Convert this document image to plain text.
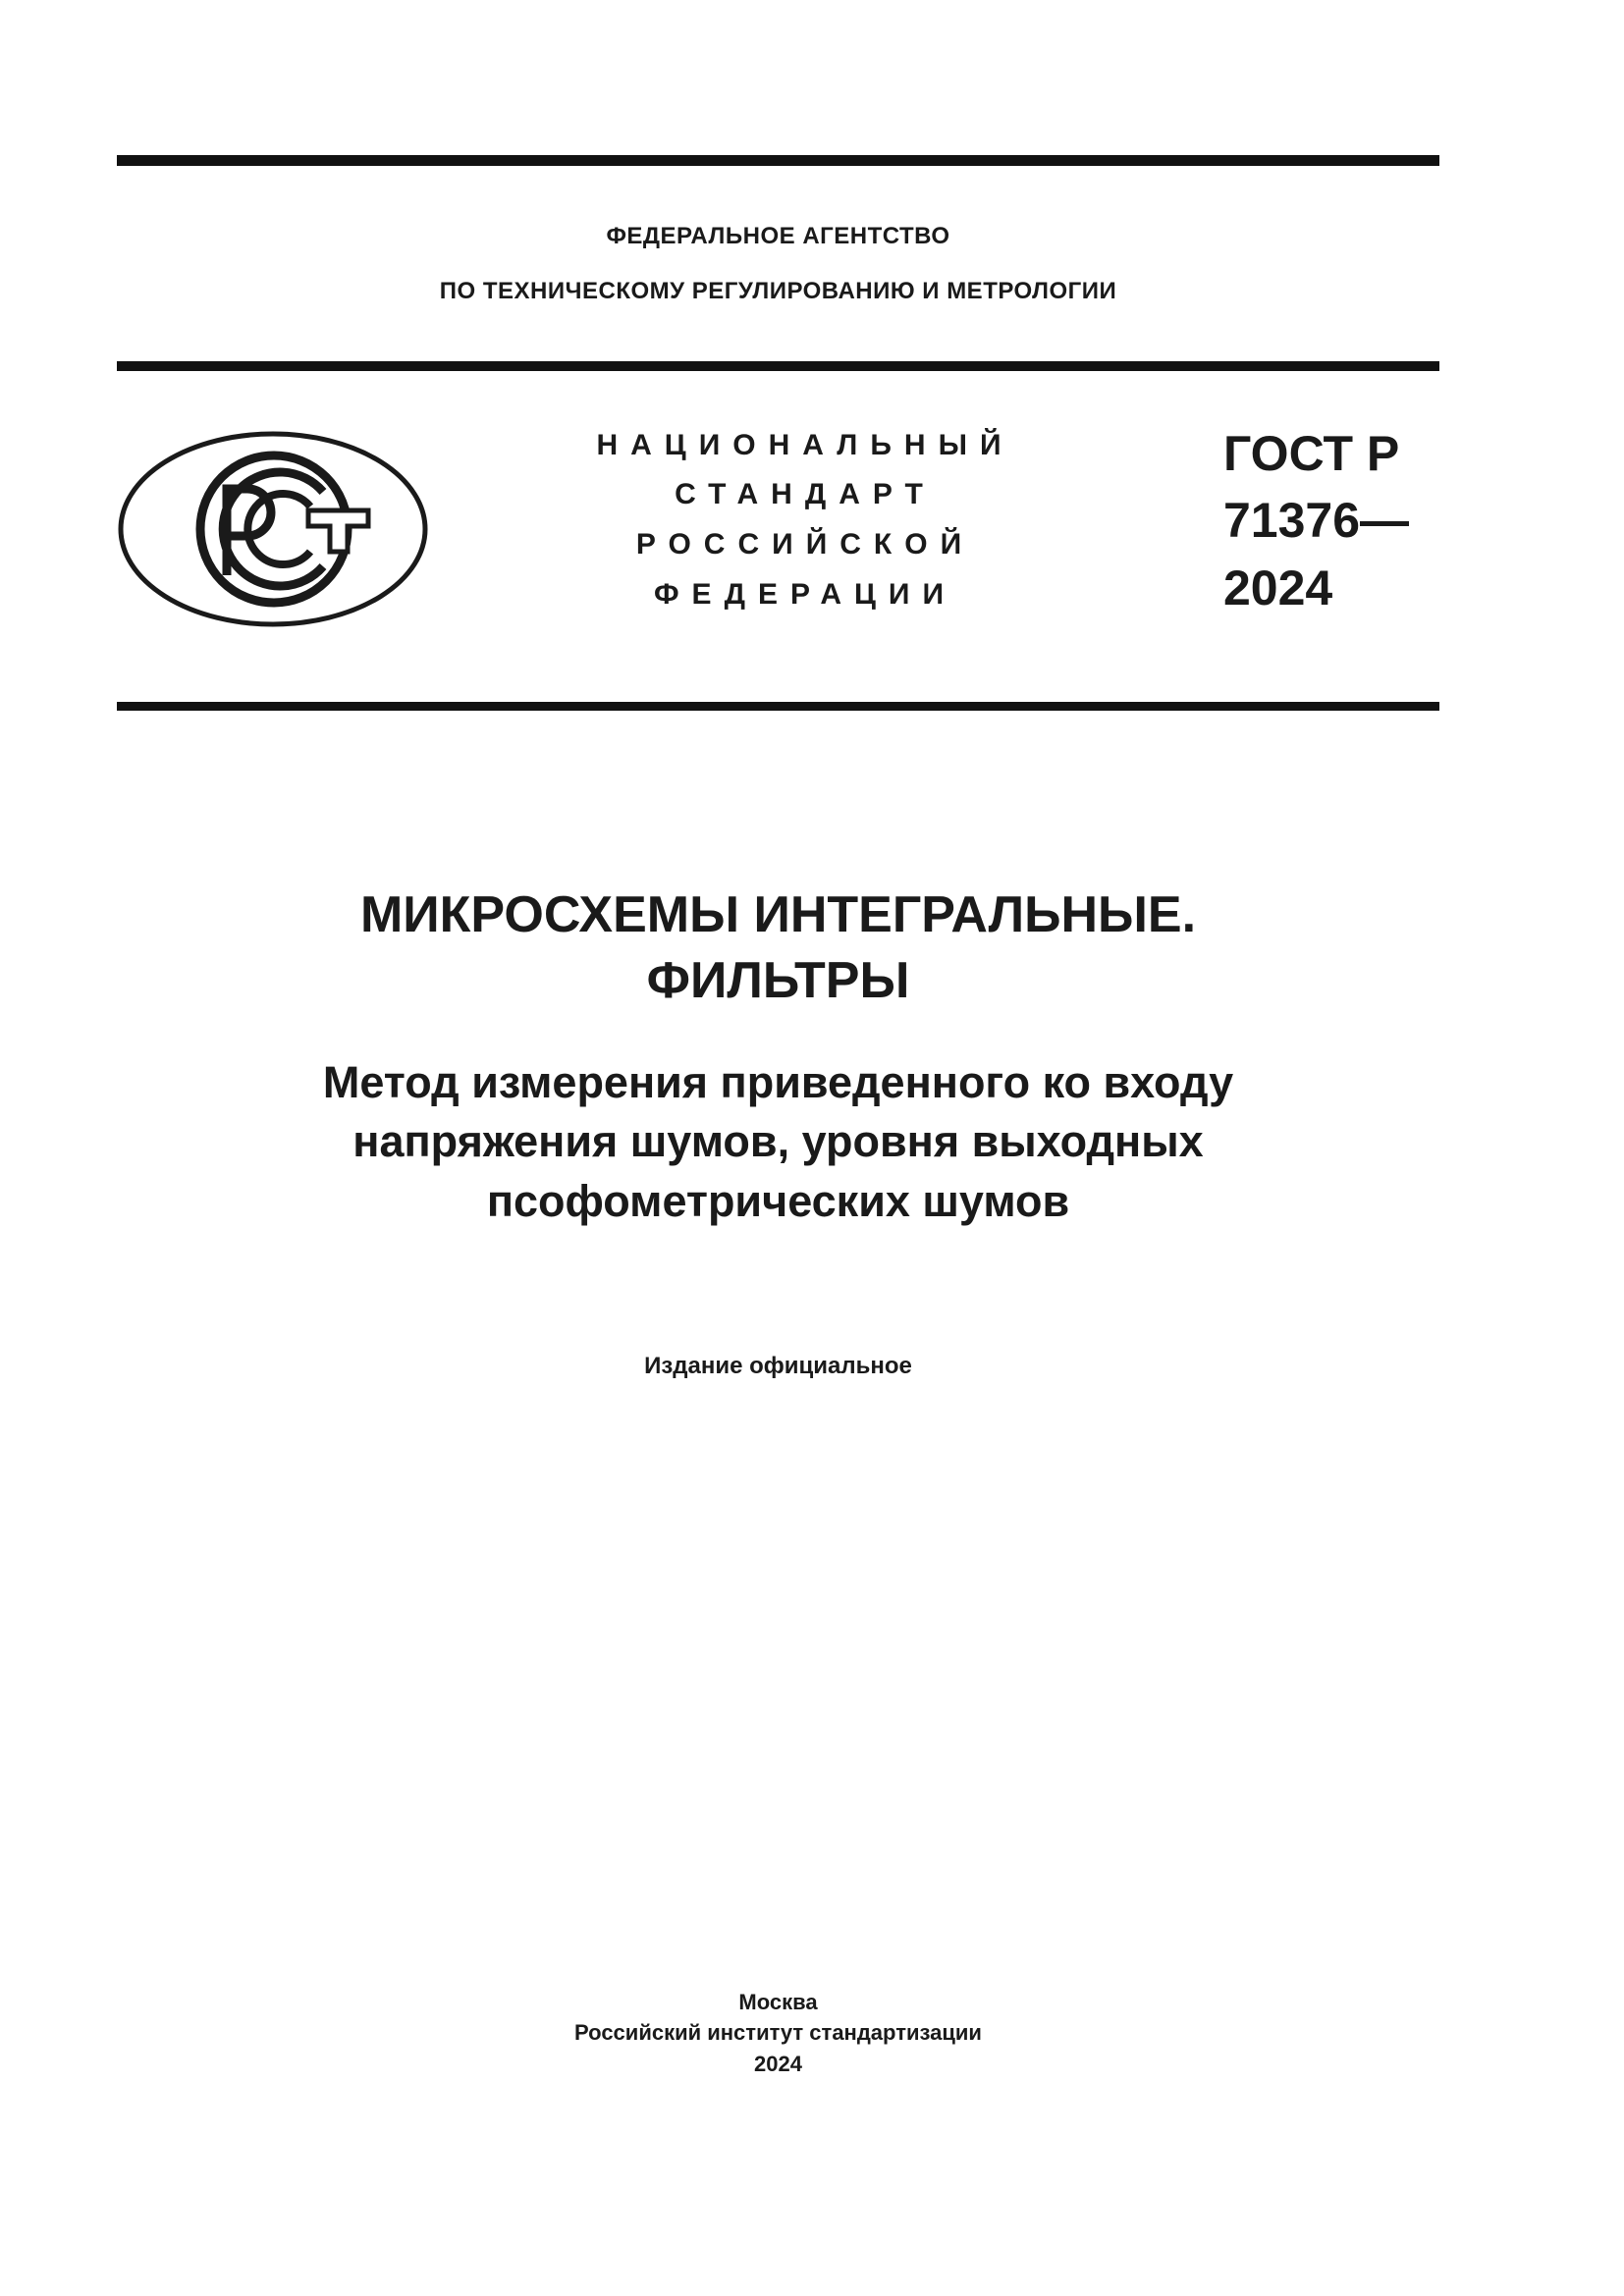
ФЕДЕРАЛЬНОЕ АГЕНТСТВО
ПО ТЕХНИЧЕСКОМУ РЕГУЛИРОВАНИЮ И МЕТРОЛОГИИ
НАЦИОНАЛЬНЫЙ
СТАНДАРТ
РОССИЙСКОЙ
ФЕДЕРАЦИИ
ГОСТ Р
71376—
2024
МИКРОСХЕМЫ ИНТЕГРАЛЬНЫЕ.
ФИЛЬТРЫ
Метод измерения приведенного ко входу
напряжения шумов, уровня выходных
псофометрических шумов
Издание официальное
Москва
Российский институт стандартизации
2024
